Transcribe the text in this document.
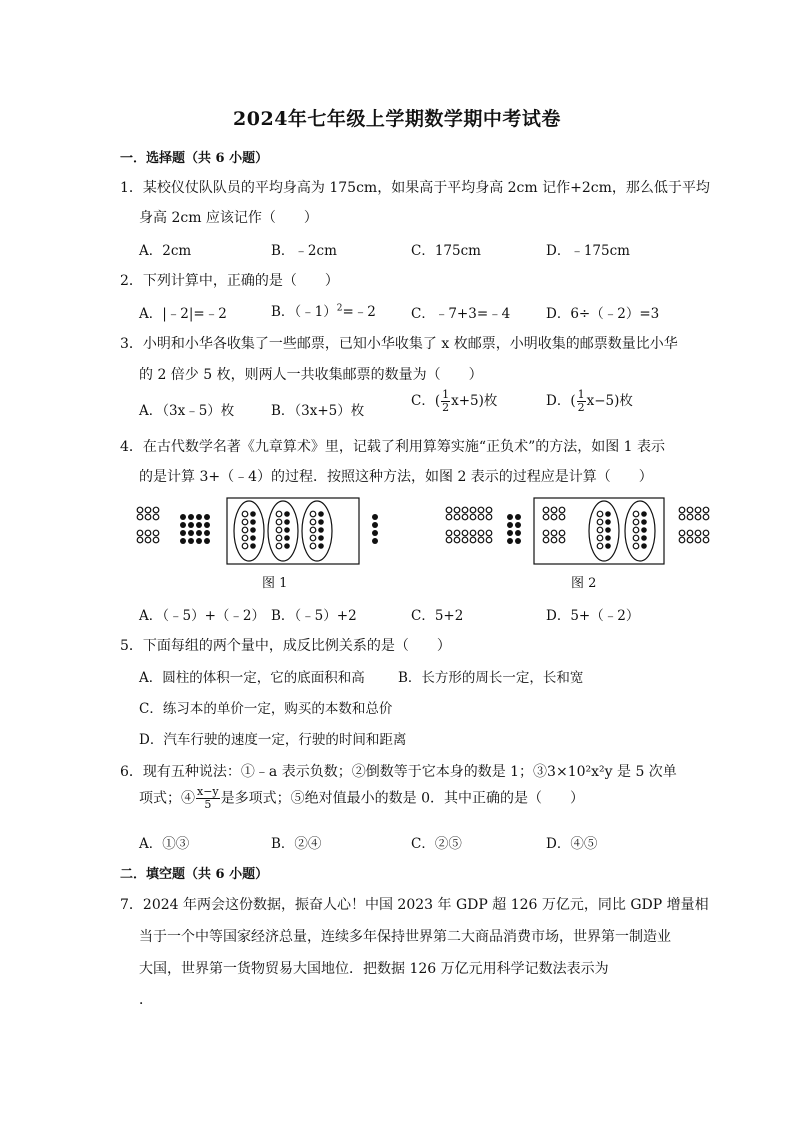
2024年七年级上学期数学期中考试卷
一．选择题（共 6 小题）
1．某校仪仗队队员的平均身高为 175cm，如果高于平均身高 2cm 记作+2cm，那么低于平均
身高 2cm 应该记作（　　）
A．2cm	B．﹣2cm	C．175cm	D．﹣175cm
2．下列计算中，正确的是（　　）
A．|﹣2|=﹣2	B．（﹣1）$^2$=﹣2	C．﹣7+3=﹣4	D．6÷（﹣2）=3
3．小明和小华各收集了一些邮票，已知小华收集了 x 枚邮票，小明收集的邮票数量比小华
的 2 倍少 5 枚，则两人一共收集邮票的数量为（　　）
A．（3x﹣5）枚	B．（3x+5）枚
C．( $\frac{1}{2} x+5$)枚	D．( $\frac{1}{2} x-5$)枚
4．在古代数学名著《九章算术》里，记载了利用算筹实施“正负术”的方法，如图 1 表示
的是计算 3+（﹣4）的过程．按照这种方法，如图 2 表示的过程应是计算（　　）
图 1	图 2
A．（﹣5）+（﹣2） B．（﹣5）+2	C．5+2	D．5+（﹣2）
5．下面每组的两个量中，成反比例关系的是（　　）
A．圆柱的体积一定，它的底面积和高 B．长方形的周长一定，长和宽
C．练习本的单价一定，购买的本数和总价
D．汽车行驶的速度一定，行驶的时间和距离
6．现有五种说法：①﹣a 表示负数；②倒数等于它本身的数是 1；③3×10²x²y 是 5 次单
项式；④ $\frac{x-y}{5}$ 是多项式；⑤绝对值最小的数是 0．其中正确的是（　　）
A．①③	B．②④	C．②⑤	D．④⑤
二．填空题（共 6 小题）
7．2024 年两会这份数据，振奋人心！中国 2023 年 GDP 超 126 万亿元，同比 GDP 增量相
当于一个中等国家经济总量，连续多年保持世界第二大商品消费市场，世界第一制造业
大国，世界第一货物贸易大国地位．把数据 126 万亿元用科学记数法表示为
．
